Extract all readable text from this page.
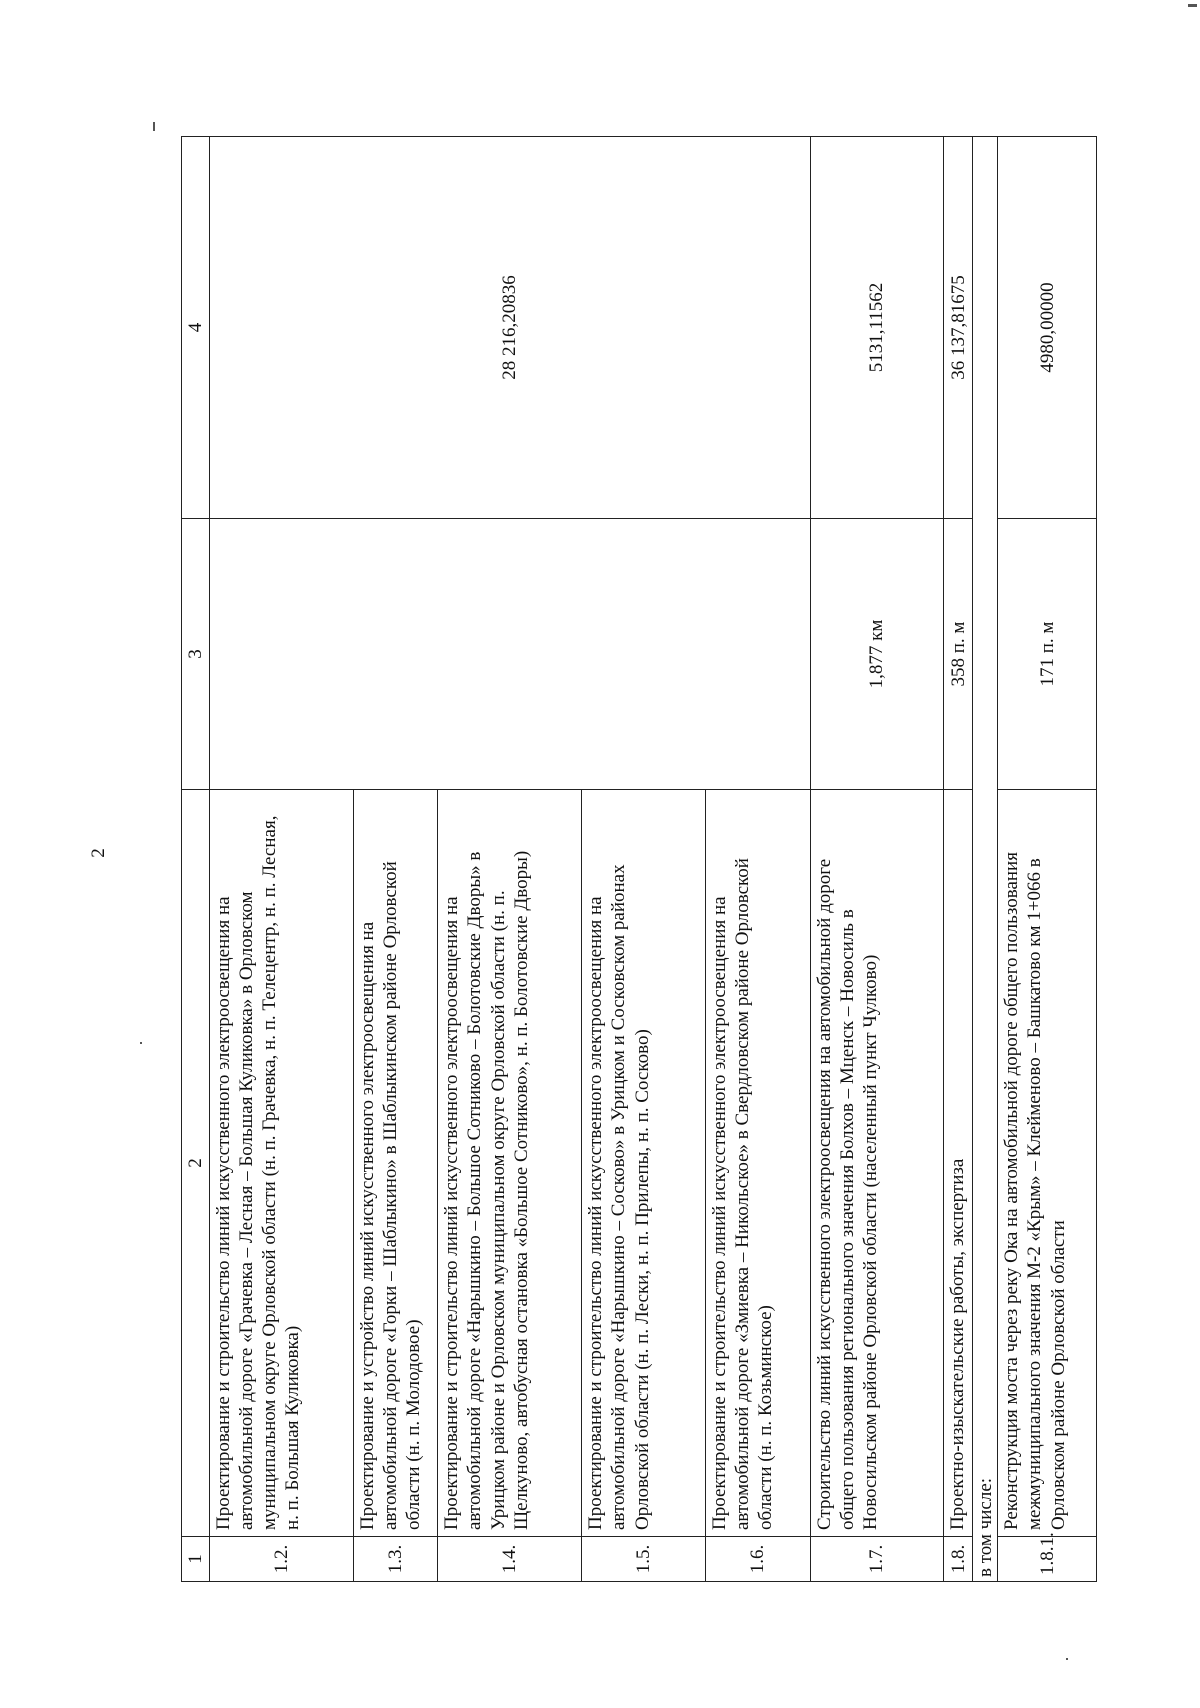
2
1	2	3	4
1.2.	Проектирование и строительство линий искусственного электроосвещения на автомобильной дороге «Грачевка – Лесная – Большая Куликовка» в Орловском муниципальном округе Орловской области (н. п. Грачевка, н. п. Телецентр, н. п. Лесная, н. п. Большая Куликовка)		28 216,20836
1.3.	Проектирование и устройство линий искусственного электроосвещения на автомобильной дороге «Горки – Шаблыкино» в Шаблыкинском районе Орловской области (н. п. Молодовое)		
1.4.	Проектирование и строительство линий искусственного электроосвещения на автомобильной дороге «Нарышкино – Большое Сотниково – Болотовские Дворы» в Урицком районе и Орловском муниципальном округе Орловской области (н. п. Щелкуново, автобусная остановка «Большое Сотниково», н. п. Болотовские Дворы)		
1.5.	Проектирование и строительство линий искусственного электроосвещения на автомобильной дороге «Нарышкино – Сосково» в Урицком и Сосковском районах Орловской области (н. п. Лески, н. п. Прилепы, н. п. Сосково)		
1.6.	Проектирование и строительство линий искусственного электроосвещения на автомобильной дороге «Змиевка – Никольское» в Свердловском районе Орловской области (н. п. Козьминское)		
1.7.	Строительство линий искусственного электроосвещения на автомобильной дороге общего пользования регионального значения Болхов – Мценск – Новосиль в Новосильском районе Орловской области (населенный пункт Чулково)	1,877 км	5131,11562
1.8.	Проектно-изыскательские работы, экспертиза	358 п. м	36 137,81675
в том числе:			
1.8.1.	Реконструкция моста через реку Ока на автомобильной дороге общего пользования межмуниципального значения М-2 «Крым» – Клейменово – Башкатово км 1+066 в Орловском районе Орловской области	171 п. м	4980,00000
